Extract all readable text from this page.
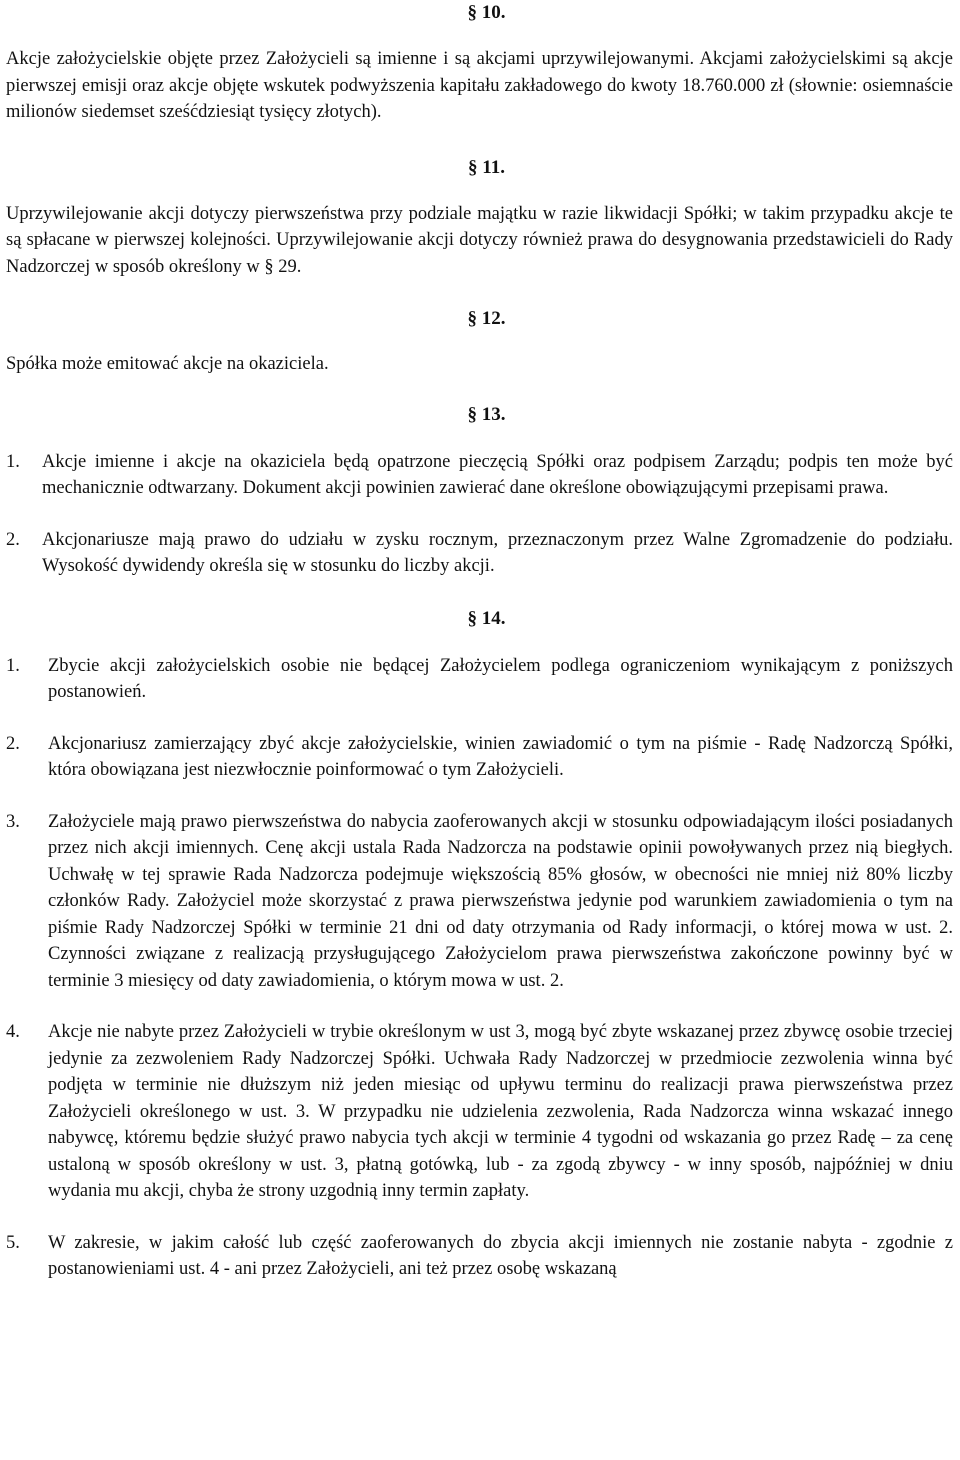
§ 10.

Akcje założycielskie objęte przez Założycieli są imienne i są akcjami uprzywilejowanymi. Akcjami założycielskimi są akcje pierwszej emisji oraz akcje objęte wskutek podwyższenia kapitału zakładowego do kwoty 18.760.000 zł (słownie: osiemnaście milionów siedemset sześćdziesiąt tysięcy złotych).

§ 11.

Uprzywilejowanie akcji dotyczy pierwszeństwa przy podziale majątku w razie likwidacji Spółki; w takim przypadku akcje te są spłacane w pierwszej kolejności. Uprzywilejowanie akcji dotyczy również prawa do desygnowania przedstawicieli do Rady Nadzorczej w sposób określony w § 29.

§ 12.

Spółka może emitować akcje na okaziciela.

§ 13.
1.	Akcje imienne i akcje na okaziciela będą opatrzone pieczęcią Spółki oraz podpisem Zarządu; podpis ten może być mechanicznie odtwarzany. Dokument akcji powinien zawierać dane określone obowiązującymi przepisami prawa.
2.	Akcjonariusze mają prawo do udziału w zysku rocznym, przeznaczonym przez Walne Zgromadzenie do podziału. Wysokość dywidendy określa się w stosunku do liczby akcji.
§ 14.
1.	Zbycie akcji założycielskich osobie nie będącej Założycielem podlega ograniczeniom wynikającym z poniższych postanowień.
2.	Akcjonariusz zamierzający zbyć akcje założycielskie, winien zawiadomić o tym na piśmie - Radę Nadzorczą Spółki, która obowiązana jest niezwłocznie poinformować o tym Założycieli.
3.	Założyciele mają prawo pierwszeństwa do nabycia zaoferowanych akcji w stosunku odpowiadającym ilości posiadanych przez nich akcji imiennych. Cenę akcji ustala Rada Nadzorcza na podstawie opinii powoływanych przez nią biegłych. Uchwałę w tej sprawie Rada Nadzorcza podejmuje większością 85% głosów, w obecności nie mniej niż 80% liczby członków Rady. Założyciel może skorzystać z prawa pierwszeństwa jedynie pod warunkiem zawiadomienia o tym na piśmie Rady Nadzorczej Spółki w terminie 21 dni od daty otrzymania od Rady informacji, o której mowa w ust. 2. Czynności związane z realizacją przysługującego Założycielom prawa pierwszeństwa zakończone powinny być w terminie 3 miesięcy od daty zawiadomienia, o którym mowa w ust. 2.
4.	Akcje nie nabyte przez Założycieli w trybie określonym w ust 3, mogą być zbyte wskazanej przez zbywcę osobie trzeciej jedynie za zezwoleniem Rady Nadzorczej Spółki. Uchwała Rady Nadzorczej w przedmiocie zezwolenia winna być podjęta w terminie nie dłuższym niż jeden miesiąc od upływu terminu do realizacji prawa pierwszeństwa przez Założycieli określonego w ust. 3. W przypadku nie udzielenia zezwolenia, Rada Nadzorcza winna wskazać innego nabywcę, któremu będzie służyć prawo nabycia tych akcji w terminie 4 tygodni od wskazania go przez Radę – za cenę ustaloną w sposób określony w ust. 3, płatną gotówką, lub - za zgodą zbywcy - w inny sposób, najpóźniej w dniu wydania mu akcji, chyba że strony uzgodnią inny termin zapłaty.
5.	W zakresie, w jakim całość lub część zaoferowanych do zbycia akcji imiennych nie zostanie nabyta - zgodnie z postanowieniami ust. 4 - ani przez Założycieli, ani też przez osobę wskazaną
